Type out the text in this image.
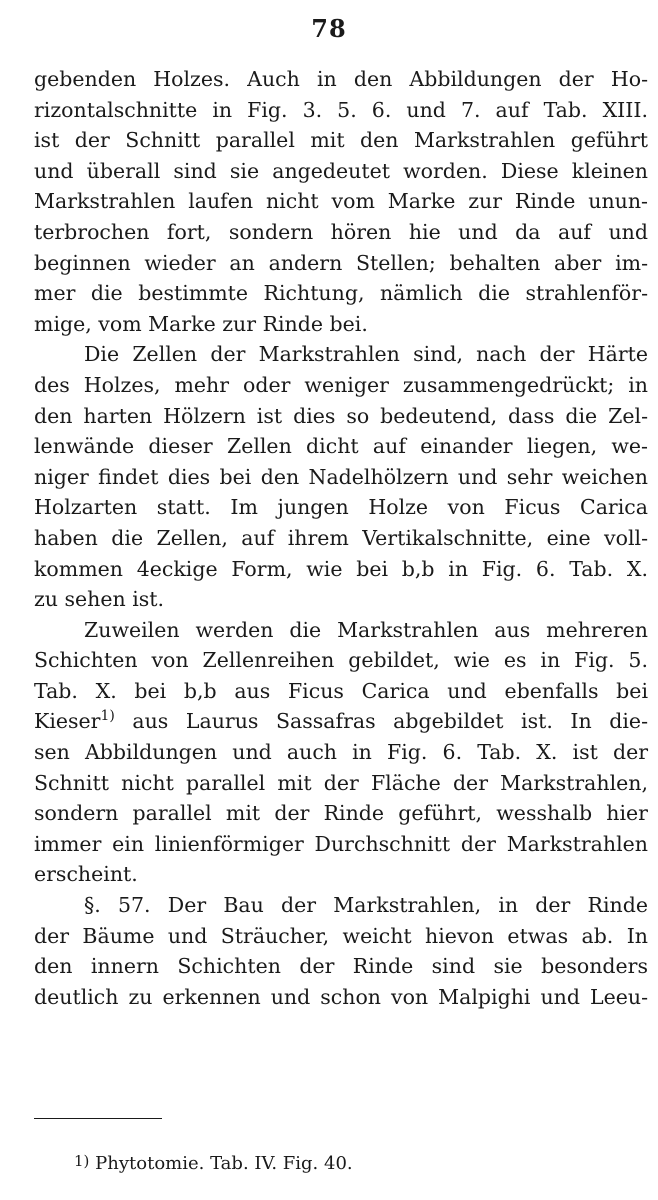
78
gebenden Holzes. Auch in den Abbildungen der Ho-
rizontalschnitte in Fig. 3. 5. 6. und 7. auf Tab. XIII.
ist der Schnitt parallel mit den Markstrahlen geführt
und überall sind sie angedeutet worden. Diese kleinen
Markstrahlen laufen nicht vom Marke zur Rinde unun-
terbrochen fort, sondern hören hie und da auf und
beginnen wieder an andern Stellen; behalten aber im-
mer die bestimmte Richtung, nämlich die strahlenför-
mige, vom Marke zur Rinde bei.
Die Zellen der Markstrahlen sind, nach der Härte
des Holzes, mehr oder weniger zusammengedrückt; in
den harten Hölzern ist dies so bedeutend, dass die Zel-
lenwände dieser Zellen dicht auf einander liegen, we-
niger findet dies bei den Nadelhölzern und sehr weichen
Holzarten statt. Im jungen Holze von Ficus Carica
haben die Zellen, auf ihrem Vertikalschnitte, eine voll-
kommen 4eckige Form, wie bei b,b in Fig. 6. Tab. X.
zu sehen ist.
Zuweilen werden die Markstrahlen aus mehreren
Schichten von Zellenreihen gebildet, wie es in Fig. 5.
Tab. X. bei b,b aus Ficus Carica und ebenfalls bei
Kieser$^{1)}$ aus Laurus Sassafras abgebildet ist. In die-
sen Abbildungen und auch in Fig. 6. Tab. X. ist der
Schnitt nicht parallel mit der Fläche der Markstrahlen,
sondern parallel mit der Rinde geführt, wesshalb hier
immer ein linienförmiger Durchschnitt der Markstrahlen
erscheint.
§. 57. Der Bau der Markstrahlen, in der Rinde
der Bäume und Sträucher, weicht hievon etwas ab. In
den innern Schichten der Rinde sind sie besonders
deutlich zu erkennen und schon von Malpighi und Leeu-
1) Phytotomie. Tab. IV. Fig. 40.
